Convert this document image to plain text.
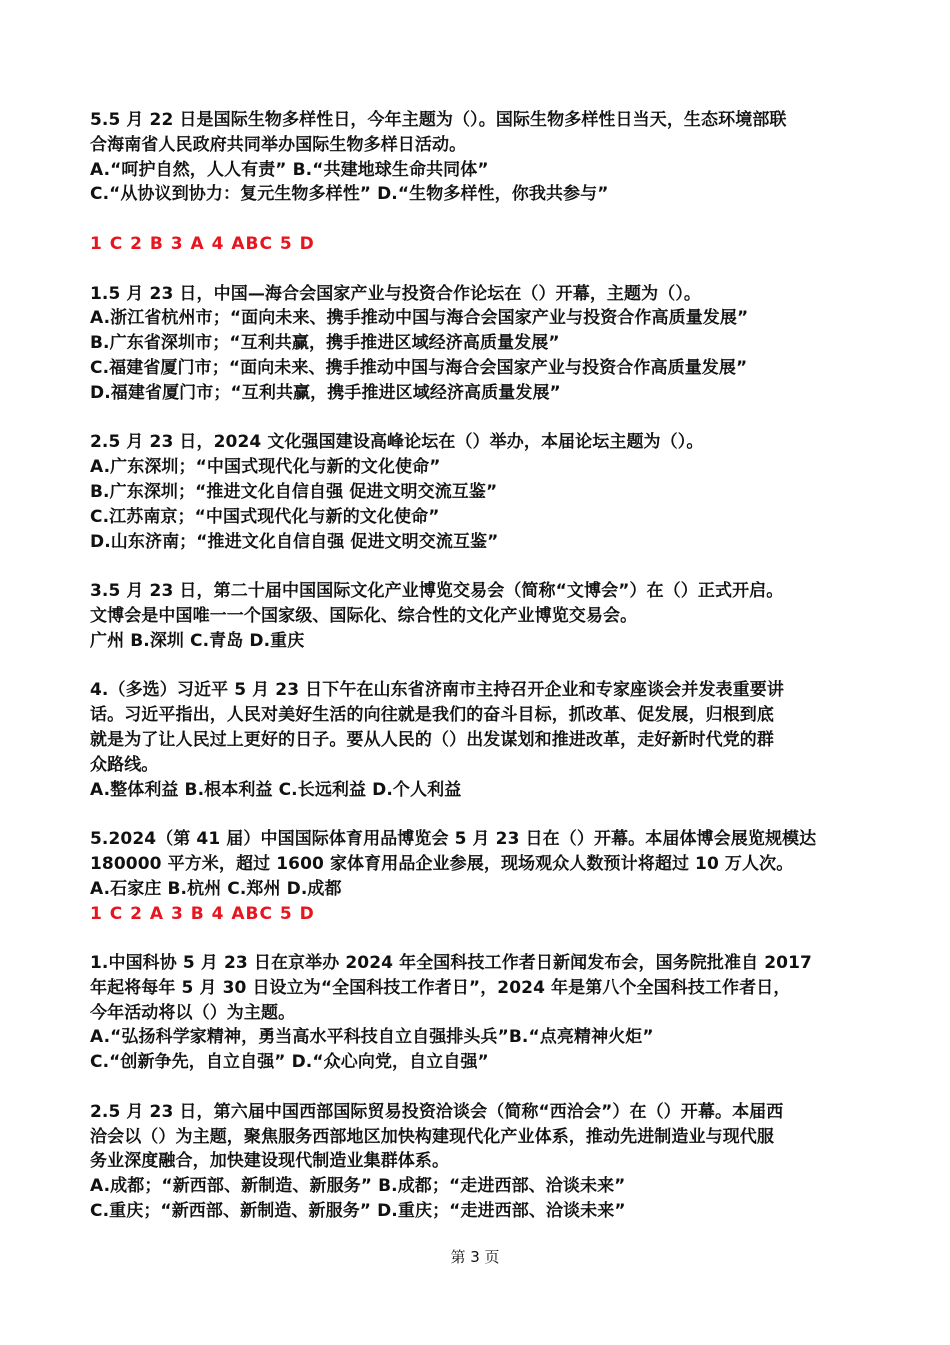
5.5 月 22 日是国际生物多样性日，今年主题为（）。国际生物多样性日当天，生态环境部联
合海南省人民政府共同举办国际生物多样日活动。
A.“呵护自然，人人有责” B.“共建地球生命共同体”
C.“从协议到协力：复元生物多样性” D.“生物多样性，你我共参与”
1 C 2 B 3 A 4 ABC 5 D
1.5 月 23 日，中国—海合会国家产业与投资合作论坛在（）开幕，主题为（）。
A.浙江省杭州市；“面向未来、携手推动中国与海合会国家产业与投资合作高质量发展”
B.广东省深圳市；“互利共赢，携手推进区域经济高质量发展”
C.福建省厦门市；“面向未来、携手推动中国与海合会国家产业与投资合作高质量发展”
D.福建省厦门市；“互利共赢，携手推进区域经济高质量发展”
2.5 月 23 日，2024 文化强国建设高峰论坛在（）举办，本届论坛主题为（）。
A.广东深圳；“中国式现代化与新的文化使命”
B.广东深圳；“推进文化自信自强 促进文明交流互鉴”
C.江苏南京；“中国式现代化与新的文化使命”
D.山东济南；“推进文化自信自强 促进文明交流互鉴”
3.5 月 23 日，第二十届中国国际文化产业博览交易会（简称“文博会”）在（）正式开启。
文博会是中国唯一一个国家级、国际化、综合性的文化产业博览交易会。
广州 B.深圳 C.青岛 D.重庆
4.（多选）习近平 5 月 23 日下午在山东省济南市主持召开企业和专家座谈会并发表重要讲
话。习近平指出，人民对美好生活的向往就是我们的奋斗目标，抓改革、促发展，归根到底
就是为了让人民过上更好的日子。要从人民的（）出发谋划和推进改革，走好新时代党的群
众路线。
A.整体利益 B.根本利益 C.长远利益 D.个人利益
5.2024（第 41 届）中国国际体育用品博览会 5 月 23 日在（）开幕。本届体博会展览规模达
180000 平方米，超过 1600 家体育用品企业参展，现场观众人数预计将超过 10 万人次。
A.石家庄 B.杭州 C.郑州 D.成都
1 C 2 A 3 B 4 ABC 5 D
1.中国科协 5 月 23 日在京举办 2024 年全国科技工作者日新闻发布会，国务院批准自 2017
年起将每年 5 月 30 日设立为“全国科技工作者日”，2024 年是第八个全国科技工作者日，
今年活动将以（）为主题。
A.“弘扬科学家精神，勇当高水平科技自立自强排头兵”B.“点亮精神火炬”
C.“创新争先，自立自强” D.“众心向党，自立自强”
2.5 月 23 日，第六届中国西部国际贸易投资洽谈会（简称“西洽会”）在（）开幕。本届西
洽会以（）为主题，聚焦服务西部地区加快构建现代化产业体系，推动先进制造业与现代服
务业深度融合，加快建设现代制造业集群体系。
A.成都；“新西部、新制造、新服务” B.成都；“走进西部、洽谈未来”
C.重庆；“新西部、新制造、新服务” D.重庆；“走进西部、洽谈未来”
第 3 页
